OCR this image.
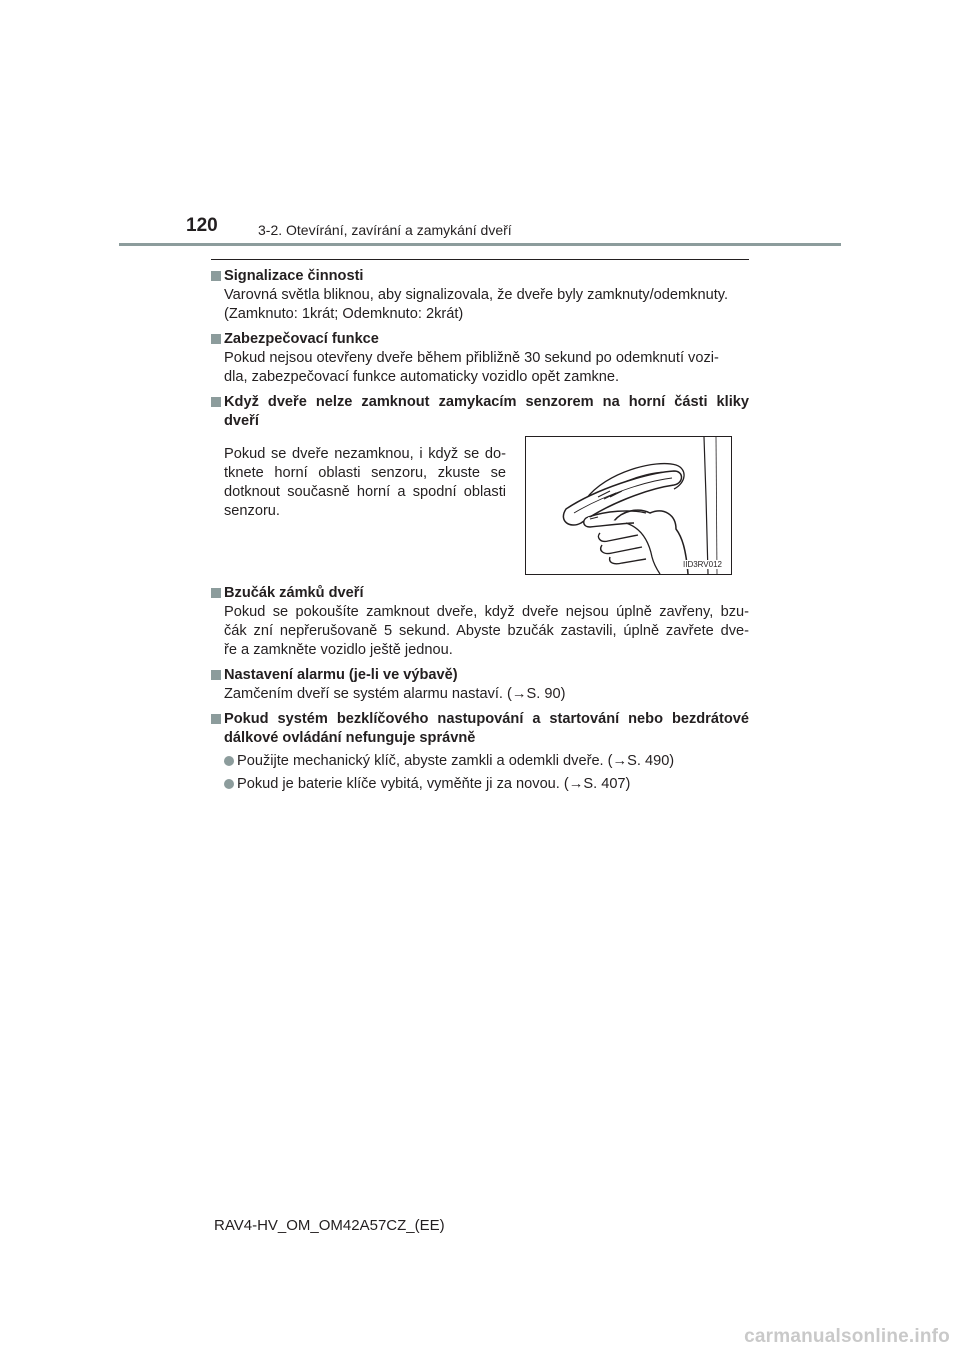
120	3-2. Otevírání, zavírání a zamykání dveří
Signalizace činnosti
Varovná světla bliknou, aby signalizovala, že dveře byly zamknuty/odemknuty.
(Zamknuto: 1krát; Odemknuto: 2krát)
Zabezpečovací funkce
Pokud nejsou otevřeny dveře během přibližně 30 sekund po odemknutí vozi-
dla, zabezpečovací funkce automaticky vozidlo opět zamkne.
Když dveře nelze zamknout zamykacím senzorem na horní části kliky
dveří
Pokud se dveře nezamknou, i když se do-
tknete horní oblasti senzoru, zkuste se
dotknout současně horní a spodní oblasti
senzoru.
IID3RV012
Bzučák zámků dveří
Pokud se pokoušíte zamknout dveře, když dveře nejsou úplně zavřeny, bzu-
čák zní nepřerušovaně 5 sekund. Abyste bzučák zastavili, úplně zavřete dve-
ře a zamkněte vozidlo ještě jednou.
Nastavení alarmu (je-li ve výbavě)
Zamčením dveří se systém alarmu nastaví. (→S. 90)
Pokud systém bezklíčového nastupování a startování nebo bezdrátové
dálkové ovládání nefunguje správně
Použijte mechanický klíč, abyste zamkli a odemkli dveře. (→S. 490)
Pokud je baterie klíče vybitá, vyměňte ji za novou. (→S. 407)
RAV4-HV_OM_OM42A57CZ_(EE)
carmanualsonline.info
